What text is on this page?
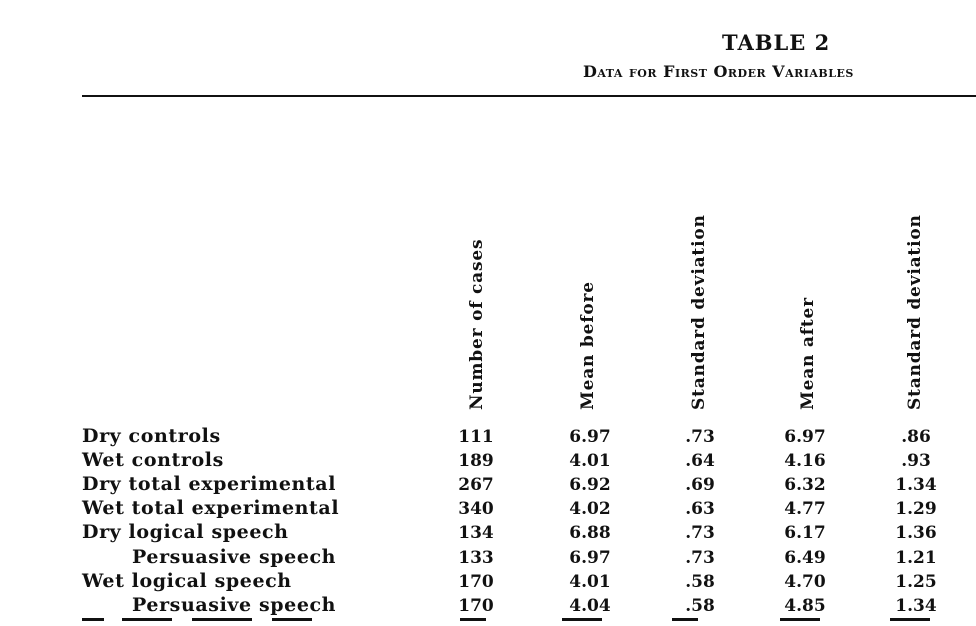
TABLE 2
Data for First Order Variables
Number of cases	Mean before	Standard deviation	Mean after	Standard deviation
Dry controls	111	6.97	.73	6.97	.86
Wet controls	189	4.01	.64	4.16	.93
Dry total experimental	267	6.92	.69	6.32	1.34
Wet total experimental	340	4.02	.63	4.77	1.29
Dry logical speech	134	6.88	.73	6.17	1.36
Persuasive speech	133	6.97	.73	6.49	1.21
Wet logical speech	170	4.01	.58	4.70	1.25
Persuasive speech	170	4.04	.58	4.85	1.34
